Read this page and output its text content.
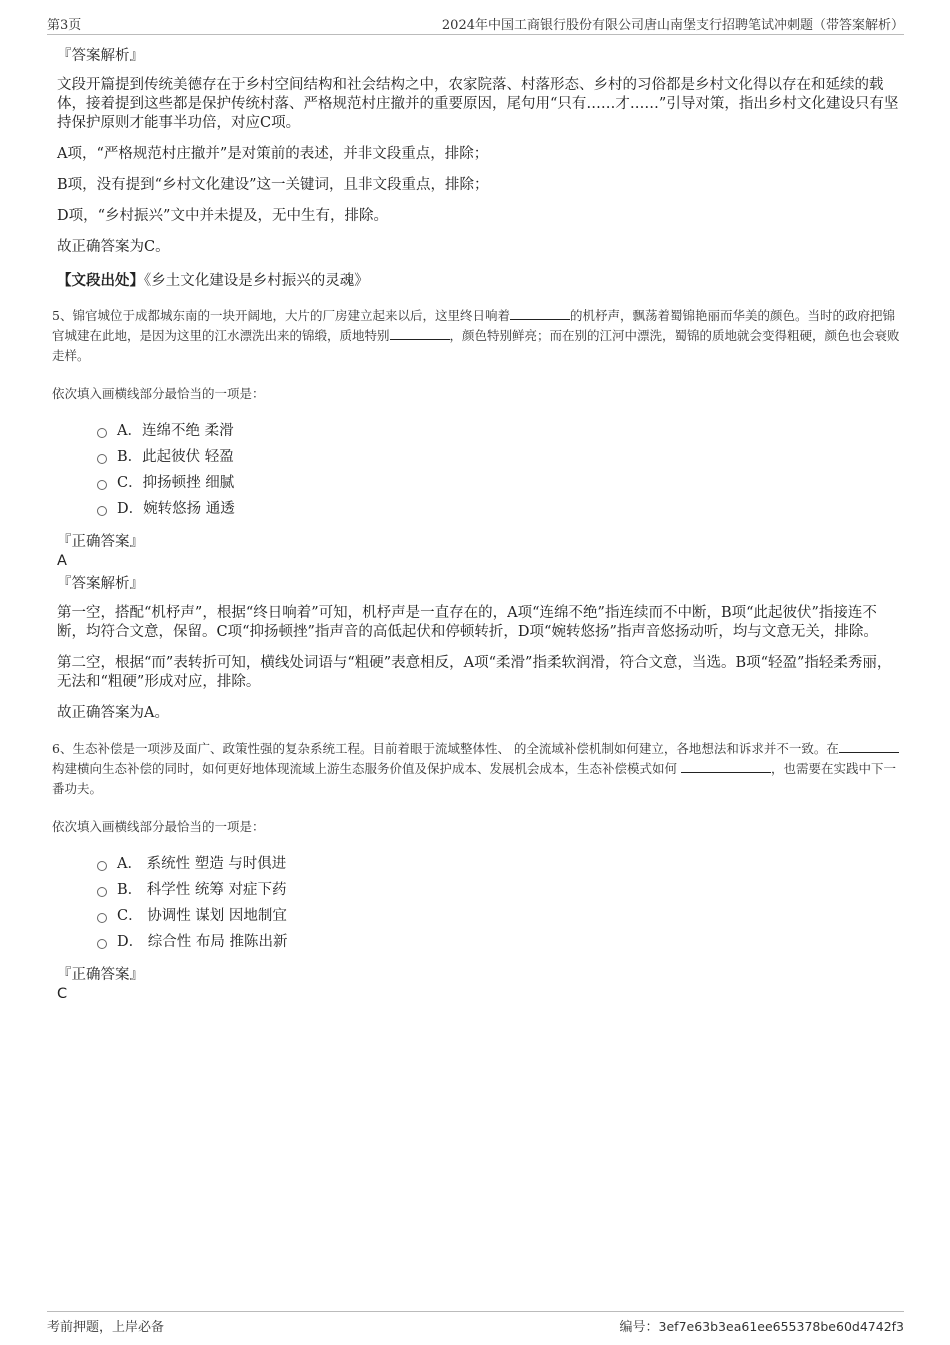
第3页	2024年中国工商银行股份有限公司唐山南堡支行招聘笔试冲刺题（带答案解析）
『答案解析』
文段开篇提到传统美德存在于乡村空间结构和社会结构之中，农家院落、村落形态、乡村的习俗都是乡村文化得以存在和延续的载体，接着提到这些都是保护传统村落、严格规范村庄撤并的重要原因，尾句用“只有……才……”引导对策，指出乡村文化建设只有坚持保护原则才能事半功倍，对应C项。
A项，“严格规范村庄撤并”是对策前的表述，并非文段重点，排除；
B项，没有提到“乡村文化建设”这一关键词，且非文段重点，排除；
D项，“乡村振兴”文中并未提及，无中生有，排除。
故正确答案为C。
【文段出处】《乡土文化建设是乡村振兴的灵魂》
5、锦官城位于成都城东南的一块开阔地，大片的厂房建立起来以后，这里终日响着	的机杼声，飘荡着蜀锦艳丽而华美的颜色。当时的政府把锦官城建在此地，是因为这里的江水漂洗出来的锦缎，质地特别	，颜色特别鲜亮；而在别的江河中漂洗，蜀锦的质地就会变得粗硬，颜色也会衰败走样。
依次填入画横线部分最恰当的一项是：
A．连绵不绝 柔滑
B．此起彼伏 轻盈
C．抑扬顿挫 细腻
D．婉转悠扬 通透
『正确答案』
A
『答案解析』
第一空，搭配“机杼声”，根据“终日响着”可知，机杼声是一直存在的，A项“连绵不绝”指连续而不中断，B项“此起彼伏”指接连不断，均符合文意，保留。C项“抑扬顿挫”指声音的高低起伏和停顿转折，D项“婉转悠扬”指声音悠扬动听，均与文意无关，排除。
第二空，根据“而”表转折可知，横线处词语与“粗硬”表意相反，A项“柔滑”指柔软润滑，符合文意，当选。B项“轻盈”指轻柔秀丽，无法和“粗硬”形成对应，排除。
故正确答案为A。
6、生态补偿是一项涉及面广、政策性强的复杂系统工程。目前着眼于流域整体性、 的全流域补偿机制如何建立，各地想法和诉求并不一致。在构建横向生态补偿的同时，如何更好地体现流域上游生态服务价值及保护成本、发展机会成本，生态补偿模式如何	，也需要在实践中下一番功夫。
依次填入画横线部分最恰当的一项是：
A． 系统性 塑造 与时俱进
B． 科学性 统筹 对症下药
C． 协调性 谋划 因地制宜
D． 综合性 布局 推陈出新
『正确答案』
C
考前押题，上岸必备	编号：3ef7e63b3ea61ee655378be60d4742f3
